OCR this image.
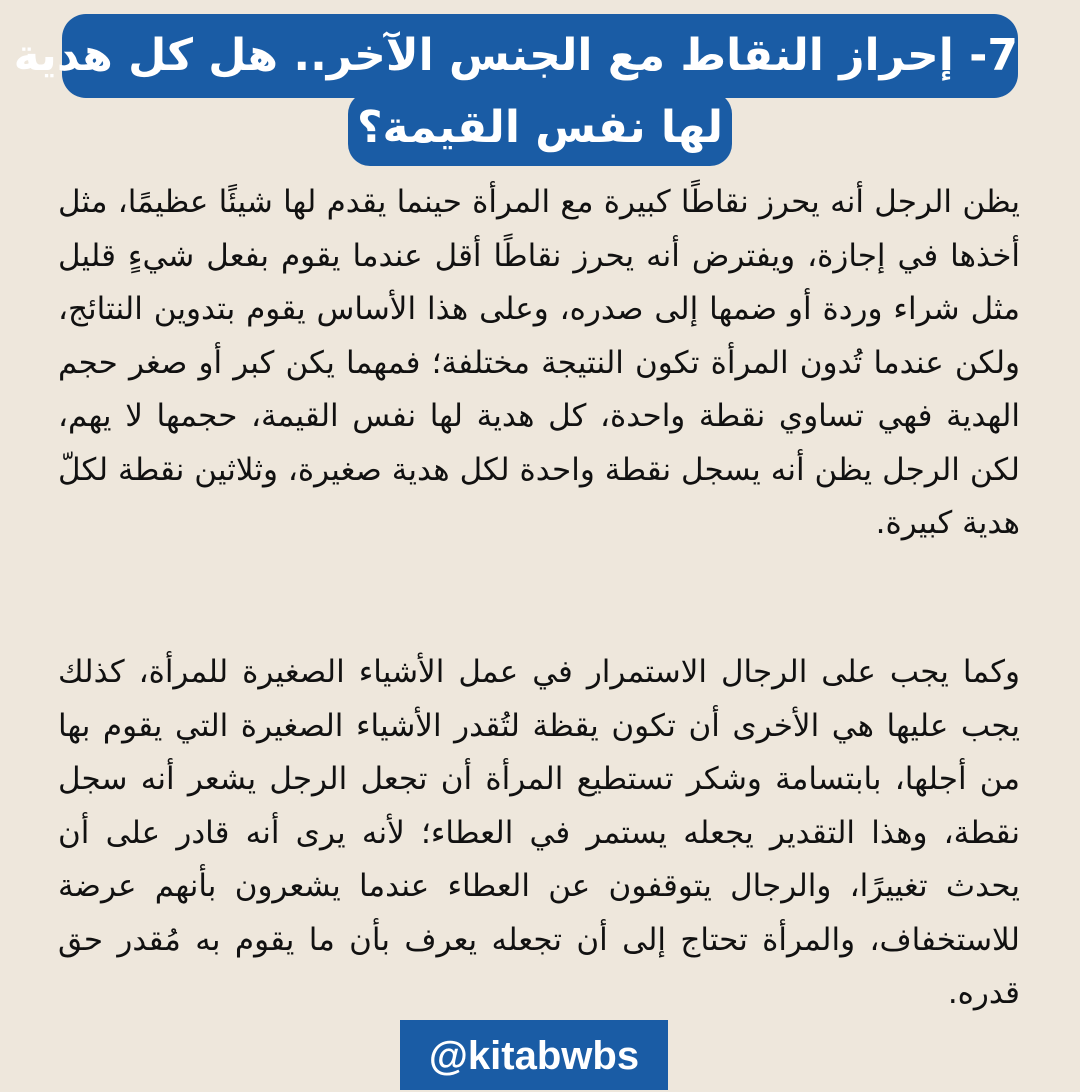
لها نفس القيمة؟
7- إحراز النقاط مع الجنس الآخر.. هل كل هدية

يظن الرجل أنه يحرز نقاطًا كبيرة مع المرأة حينما يقدم لها شيئًا عظيمًا، مثل أخذها في إجازة، ويفترض أنه يحرز نقاطًا أقل عندما يقوم بفعل شيءٍ قليل مثل شراء وردة أو ضمها إلى صدره، وعلى هذا الأساس يقوم بتدوين النتائج، ولكن عندما تُدون المرأة تكون النتيجة مختلفة؛ فمهما يكن كبر أو صغر حجم الهدية فهي تساوي نقطة واحدة، كل هدية لها نفس القيمة، حجمها لا يهم، لكن الرجل يظن أنه يسجل نقطة واحدة لكل هدية صغيرة، وثلاثين نقطة لكلّ هدية كبيرة.

وكما يجب على الرجال الاستمرار في عمل الأشياء الصغيرة للمرأة، كذلك يجب عليها هي الأخرى أن تكون يقظة لتُقدر الأشياء الصغيرة التي يقوم بها من أجلها، بابتسامة وشكر تستطيع المرأة أن تجعل الرجل يشعر أنه سجل نقطة، وهذا التقدير يجعله يستمر في العطاء؛ لأنه يرى أنه قادر على أن يحدث تغييرًا، والرجال يتوقفون عن العطاء عندما يشعرون بأنهم عرضة للاستخفاف، والمرأة تحتاج إلى أن تجعله يعرف بأن ما يقوم به مُقدر حق قدره.

@kitabwbs
